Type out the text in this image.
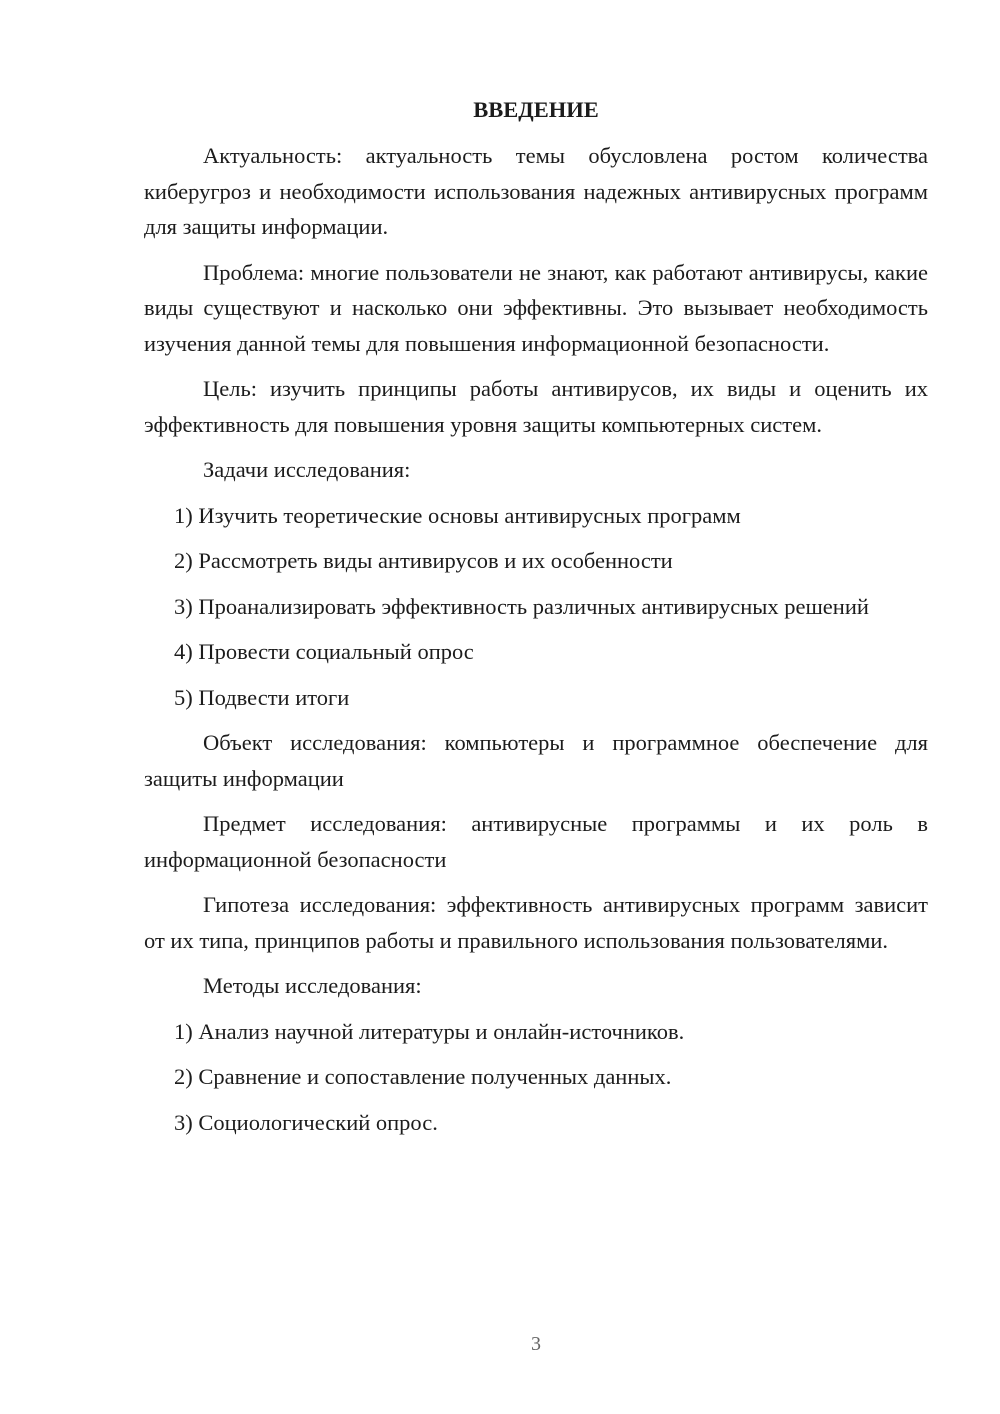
ВВЕДЕНИЕ

Актуальность: актуальность темы обусловлена ростом количества киберугроз и необходимости использования надежных антивирусных программ для защиты информации.

Проблема: многие пользователи не знают, как работают антивирусы, какие виды существуют и насколько они эффективны. Это вызывает необходимость изучения данной темы для повышения информационной безопасности.

Цель: изучить принципы работы антивирусов, их виды и оценить их эффективность для повышения уровня защиты компьютерных систем.

Задачи исследования:

1) Изучить теоретические основы антивирусных программ

2) Рассмотреть виды антивирусов и их особенности

3) Проанализировать эффективность различных антивирусных решений

4) Провести социальный опрос

5) Подвести итоги

Объект исследования: компьютеры и программное обеспечение для защиты информации

Предмет исследования: антивирусные программы и их роль в информационной безопасности

Гипотеза исследования: эффективность антивирусных программ зависит от их типа, принципов работы и правильного использования пользователями.

Методы исследования:

1) Анализ научной литературы и онлайн-источников.

2) Сравнение и сопоставление полученных данных.

3) Социологический опрос.

3
